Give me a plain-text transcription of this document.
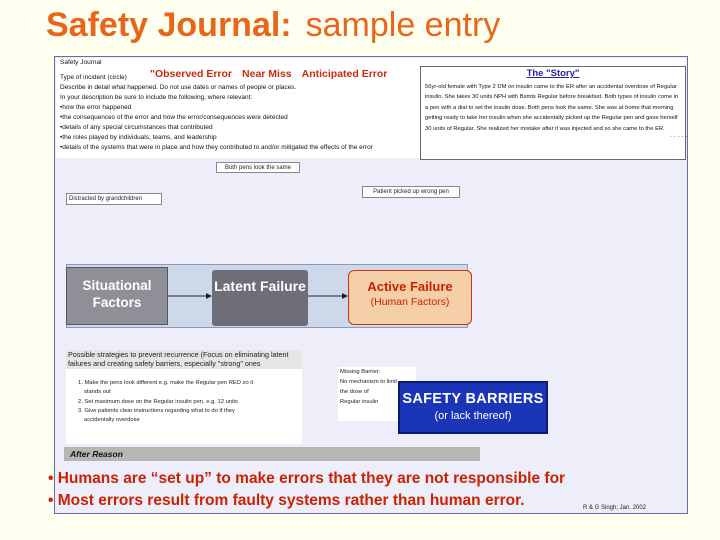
Safety Journal: sample entry
Safety Journal
Type of incident (circle) "Observed Error Near Miss Anticipated Error
Describe in detail what happened. Do not use dates or names of people or places.
In your description be sure to include the following, where relevant:
•how the error happened
•the consequences of the error and how the error/consequences were detected
•details of any special circumstances that contributed
•the roles played by individuals, teams, and leadership
•details of the systems that were in place and how they contributed to and/or mitigated the effects of the error
The "Story"

56yr-old female with Type 2 DM on insulin came to the ER after an accidental overdose of Regular insulin. She takes 30 units NPH with Bsmts Regular before breakfast. Both types of insulin come in a pen with a dial to set the insulin dose. Both pens look the same. She was at home that morning getting ready to take her insulin when she accidentally picked up the Regular pen and gave herself 30 units of Regular. She realized her mistake after it was injected and so she came to the ER.

. . . . .
Both pens look the same
Patient picked up wrong pen
Distracted by grandchildren
Situational Factors
Latent Failure	Active Failure
(Human Factors)
Possible strategies to prevent recurrence (Focus on eliminating latent failures and creating safety barriers, especially "strong" ones
1. Make the pens look different e.g. make the Regular pen RED so it
stands out
2. Set maximum dose on the Regular insulin pen, e.g. 12 units
3. Give patients clear instructions regarding what to do if they
accidentally overdose
Missing Barrier:
No mechanism to limit
the dose of
Regular insulin	SAFETY BARRIERS
(or lack thereof)
After Reason
• Humans are “set up” to make errors that they are not responsible for
• Most errors result from faulty systems rather than human error.	R & G Singh; Jan. 2002
